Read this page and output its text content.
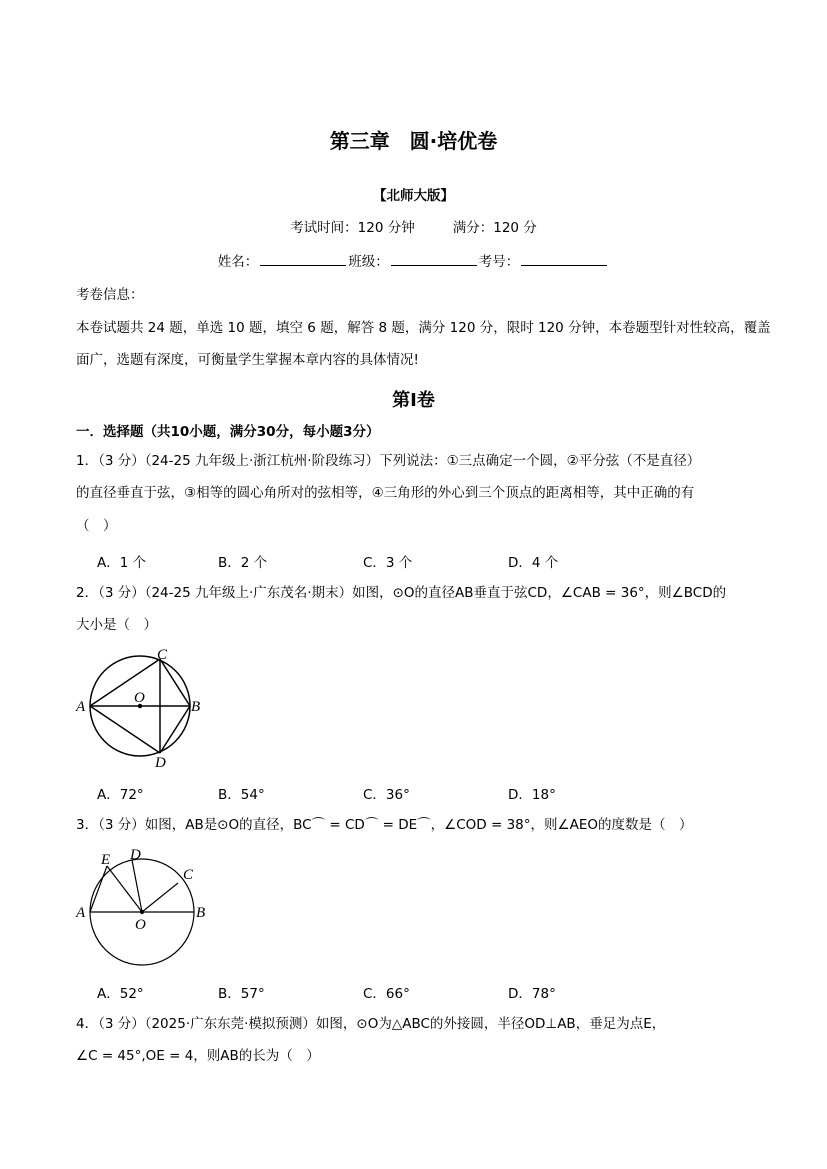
第三章　圆·培优卷
【北师大版】
考试时间：120 分钟	满分：120 分
姓名：	班级：	考号：
考卷信息：
本卷试题共 24 题，单选 10 题，填空 6 题，解答 8 题，满分 120 分，限时 120 分钟，本卷题型针对性较高，覆盖
面广，选题有深度，可衡量学生掌握本章内容的具体情况!
第Ⅰ卷
一．选择题（共10小题，满分30分，每小题3分）
1．（3 分）（24-25 九年级上·浙江杭州·阶段练习）下列说法：①三点确定一个圆，②平分弦（不是直径）
的直径垂直于弦，③相等的圆心角所对的弦相等，④三角形的外心到三个顶点的距离相等，其中正确的有
（　）
A．1 个	B．2 个	C．3 个	D．4 个
2．（3 分）（24-25 九年级上·广东茂名·期末）如图，⊙O的直径AB垂直于弦CD，∠CAB = 36°，则∠BCD的
大小是（　）
A	B
C
D
O
A	B
C
D
E
O
A．72°	B．54°	C．36°	D．18°
3．（3 分）如图，AB是⊙O的直径，BC⌒ = CD⌒ = DE⌒，∠COD = 38°，则∠AEO的度数是（　）
A．52°	B．57°	C．66°	D．78°
4．（3 分）（2025·广东东莞·模拟预测）如图，⊙O为△ABC的外接圆，半径OD⊥AB，垂足为点E，
∠C = 45°,OE = 4，则AB的长为（　）
